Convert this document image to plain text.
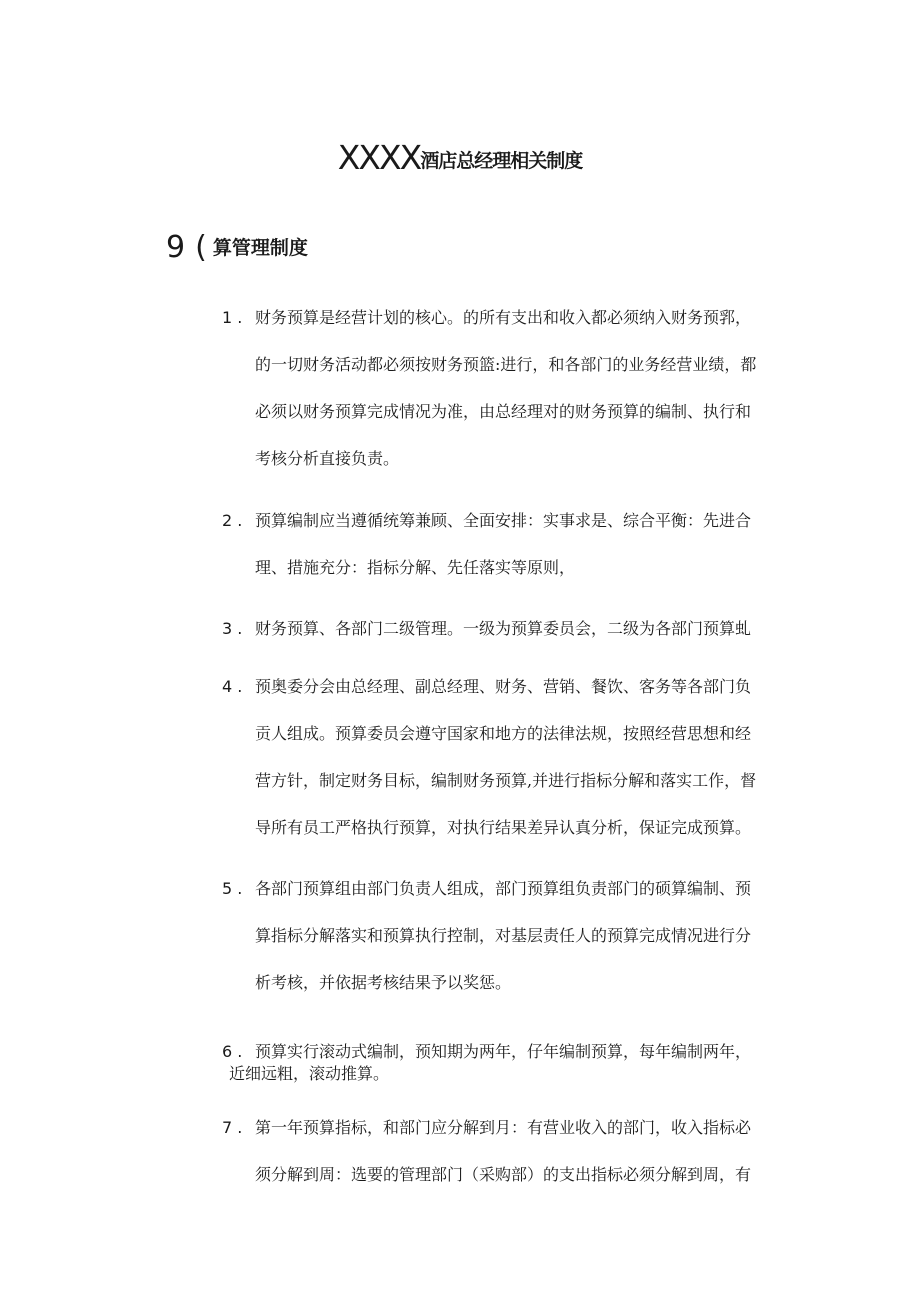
XXXX酒店总经理相关制度
9 ( 算管理制度
1 . 财务预算是经营计划的核心。的所有支出和收入都必须纳入财务预郛，
的一切财务活动都必须按财务预篮:进行，和各部门的业务经营业绩，都
必须以财务预算完成情况为准，由总经理对的财务预算的编制、执行和
考核分析直接负责。
2 . 预算编制应当遵循统筹兼顾、全面安排：实事求是、综合平衡：先进合
理、措施充分：指标分解、先任落实等原则，
3 . 财务预算、各部门二级管理。一级为预算委员会，二级为各部门预算虬
4 . 预奥委分会由总经理、副总经理、财务、营销、餐饮、客务等各部门负
贡人组成。预算委员会遵守国家和地方的法律法规，按照经营思想和经
营方针，制定财务目标，编制财务预算,并进行指标分解和落实工作，督
导所有员工严格执行预算，对执行结果差异认真分析，保证完成预算。
5 . 各部门预算组由部门负责人组成，部门预算组负责部门的硕算编制、预
算指标分解落实和预算执行控制，对基层责任人的预算完成情况进行分
析考核，并依据考核结果予以奖惩。
6 . 预算实行滚动式编制，预知期为两年，仔年编制预算，每年编制两年，
近细远粗，滚动推算。
7 . 第一年预算指标，和部门应分解到月：有营业收入的部门，收入指标必
须分解到周：选要的管理部门（采购部）的支出指标必须分解到周，有
